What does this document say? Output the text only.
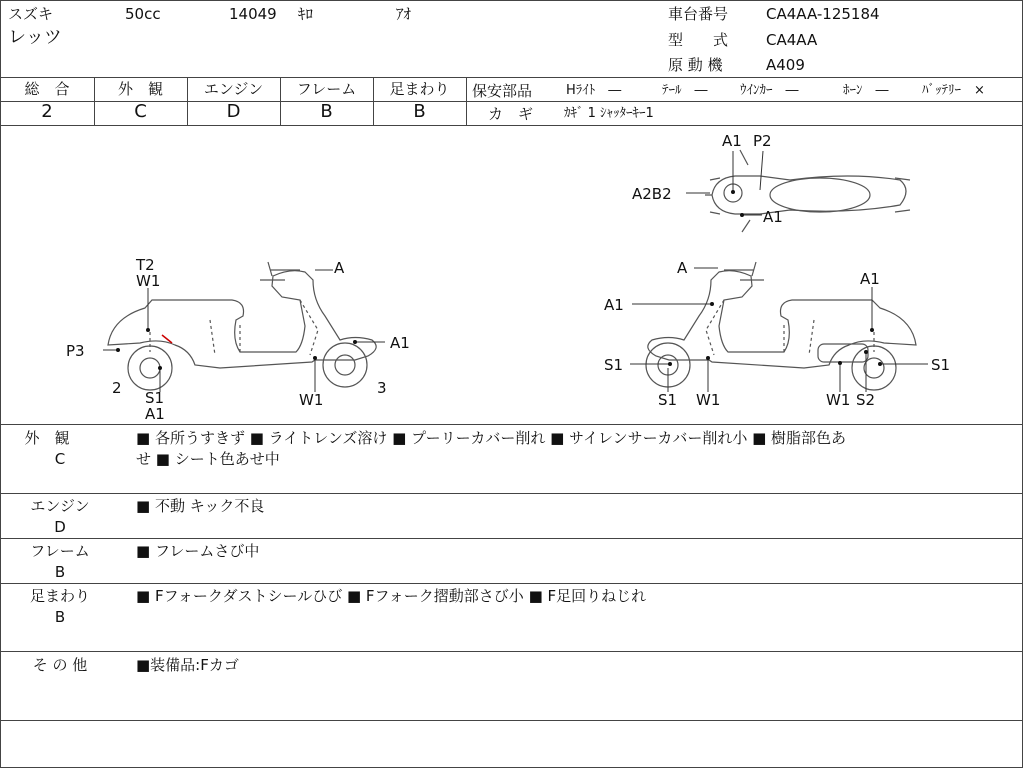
スズキ	50cc	14049 ｷﾛ	ｱｵ
レッツ
車台番号	CA4AA-125184
型　　式	CA4AA
原 動 機	A409
総　合	外　観	エンジン	フレーム	足まわり
2	C	D	B	B
保安部品	Hﾗｲﾄ　―	ﾃｰﾙ　― ｳｲﾝｶｰ　―	ﾎｰﾝ　―	ﾊﾞｯﾃﾘｰ　×
カ　ギ ｶｷﾞ 1 ｼｬｯﾀｰｷｰ1
T2
W1
A
P3	A1
2
S1
A1
W1
3
A
A1
A1
S1
S1 W1	W1 S2
S1
A1 P2
A2B2
A1
外　観
C
■ 各所うすきず ■ ライトレンズ溶け ■ プーリーカバー削れ ■ サイレンサーカバー削れ小 ■ 樹脂部色あ
せ ■ シート色あせ中
エンジン
D
■ 不動 キック不良
フレーム
B
■ フレームさび中
足まわり
B
■ Fフォークダストシールひび ■ Fフォーク摺動部さび小 ■ F足回りねじれ
そ の 他	■装備品:Fカゴ
